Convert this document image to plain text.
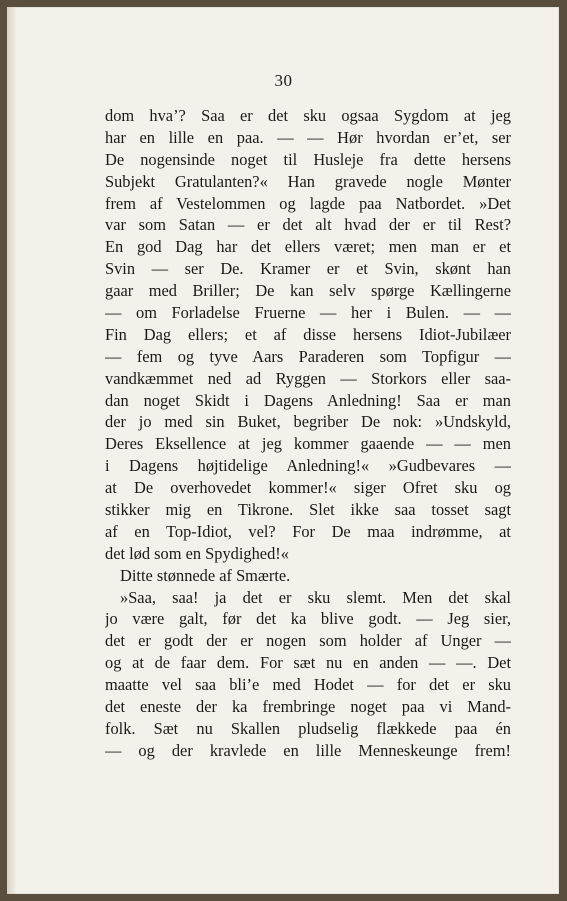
30
dom hva’? Saa er det sku ogsaa Sygdom at jeg
har en lille en paa. — — Hør hvordan er’et, ser
De nogensinde noget til Husleje fra dette hersens
Subjekt Gratulanten?« Han gravede nogle Mønter
frem af Vestelommen og lagde paa Natbordet. »Det
var som Satan — er det alt hvad der er til Rest?
En god Dag har det ellers været; men man er et
Svin — ser De. Kramer er et Svin, skønt han
gaar med Briller; De kan selv spørge Kællingerne
— om Forladelse Fruerne — her i Bulen. — —
Fin Dag ellers; et af disse hersens Idiot-Jubilæer
— fem og tyve Aars Paraderen som Topfigur —
vandkæmmet ned ad Ryggen — Storkors eller saa-
dan noget Skidt i Dagens Anledning! Saa er man
der jo med sin Buket, begriber De nok: »Undskyld,
Deres Eksellence at jeg kommer gaaende — — men
i Dagens højtidelige Anledning!« »Gudbevares —
at De overhovedet kommer!« siger Ofret sku og
stikker mig en Tikrone. Slet ikke saa tosset sagt
af en Top-Idiot, vel? For De maa indrømme, at
det lød som en Spydighed!«
Ditte stønnede af Smærte.
»Saa, saa! ja det er sku slemt. Men det skal
jo være galt, før det ka blive godt. — Jeg sier,
det er godt der er nogen som holder af Unger —
og at de faar dem. For sæt nu en anden — —. Det
maatte vel saa bli’e med Hodet — for det er sku
det eneste der ka frembringe noget paa vi Mand-
folk. Sæt nu Skallen pludselig flækkede paa én
— og der kravlede en lille Menneskeunge frem!
